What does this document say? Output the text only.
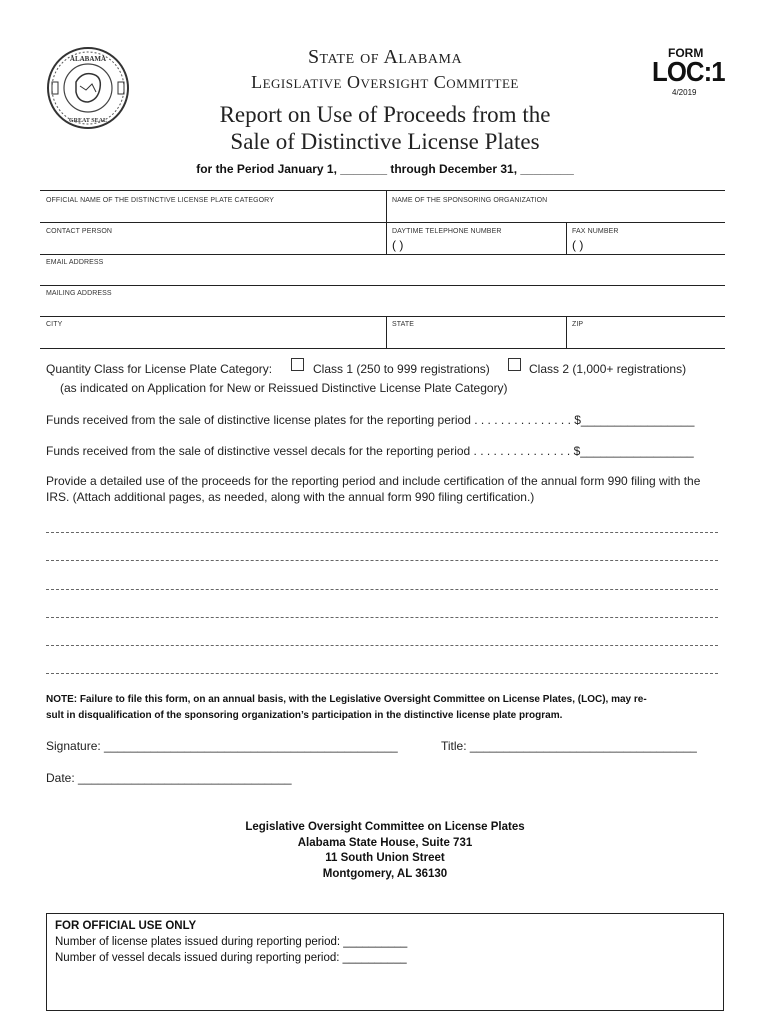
ALABAMA
GREAT SEAL
State of Alabama
Legislative Oversight Committee
Report on Use of Proceeds from the
Sale of Distinctive License Plates
FORM
LOC:1
4/2019
for the Period January 1, _______ through December 31, ________
OFFICIAL NAME OF THE DISTINCTIVE LICENSE PLATE CATEGORY	NAME OF THE SPONSORING ORGANIZATION
CONTACT PERSON	DAYTIME TELEPHONE NUMBER	FAX NUMBER
( )	( )
EMAIL ADDRESS
MAILING ADDRESS
CITY	STATE	ZIP
Quantity Class for License Plate Category:	Class 1 (250 to 999 registrations)	Class 2 (1,000+ registrations)
(as indicated on Application for New or Reissued Distinctive License Plate Category)
Funds received from the sale of distinctive license plates for the reporting period . . . . . . . . . . . . . . . $_________________
Funds received from the sale of distinctive vessel decals for the reporting period . . . . . . . . . . . . . . . $_________________
Provide a detailed use of the proceeds for the reporting period and include certification of the annual form 990 filing with the
IRS. (Attach additional pages, as needed, along with the annual form 990 filing certification.)
NOTE: Failure to file this form, on an annual basis, with the Legislative Oversight Committee on License Plates, (LOC), may re-
sult in disqualification of the sponsoring organization’s participation in the distinctive license plate program.
Signature: ____________________________________________	Title: __________________________________
Date: ________________________________
Legislative Oversight Committee on License Plates
Alabama State House, Suite 731
11 South Union Street
Montgomery, AL 36130
FOR OFFICIAL USE ONLY
Number of license plates issued during reporting period: __________
Number of vessel decals issued during reporting period: __________
